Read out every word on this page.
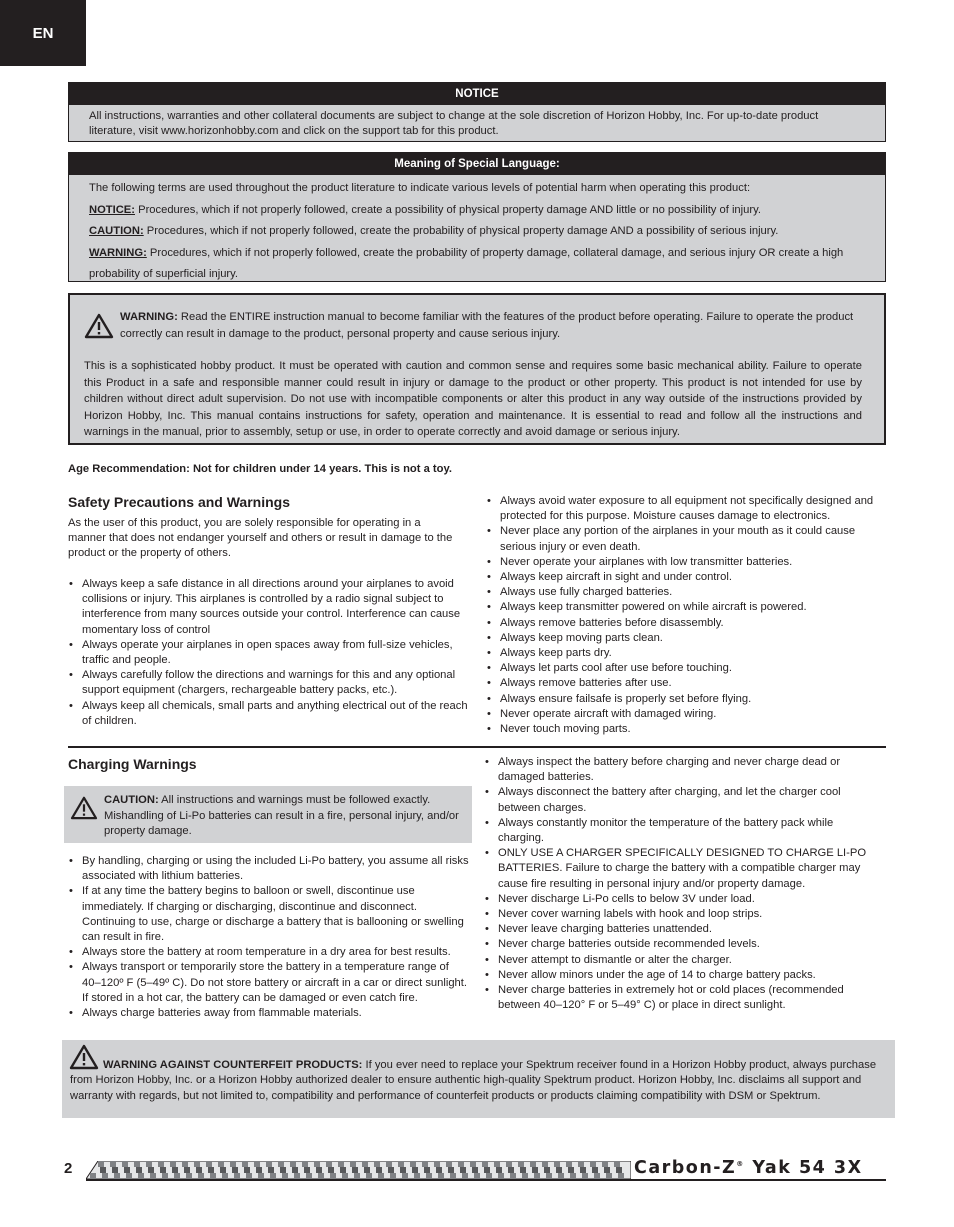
EN
NOTICE
All instructions, warranties and other collateral documents are subject to change at the sole discretion of Horizon Hobby, Inc. For up-to-date product literature, visit www.horizonhobby.com and click on the support tab for this product.
Meaning of Special Language:
The following terms are used throughout the product literature to indicate various levels of potential harm when operating this product:
NOTICE: Procedures, which if not properly followed, create a possibility of physical property damage AND little or no possibility of injury.
CAUTION: Procedures, which if not properly followed, create the probability of physical property damage AND a possibility of serious injury.
WARNING: Procedures, which if not properly followed, create the probability of property damage, collateral damage, and serious injury OR create a high probability of superficial injury.
WARNING: Read the ENTIRE instruction manual to become familiar with the features of the product before operating. Failure to operate the product correctly can result in damage to the product, personal property and cause serious injury.
This is a sophisticated hobby product. It must be operated with caution and common sense and requires some basic mechanical ability. Failure to operate this Product in a safe and responsible manner could result in injury or damage to the product or other property. This product is not intended for use by children without direct adult supervision. Do not use with incompatible components or alter this product in any way outside of the instructions provided by Horizon Hobby, Inc. This manual contains instructions for safety, operation and maintenance. It is essential to read and follow all the instructions and warnings in the manual, prior to assembly, setup or use, in order to operate correctly and avoid damage or serious injury.
Age Recommendation: Not for children under 14 years. This is not a toy.
Safety Precautions and Warnings
As the user of this product, you are solely responsible for operating in a manner that does not endanger yourself and others or result in damage to the product or the property of others.
• Always keep a safe distance in all directions around your airplanes to avoid collisions or injury. This airplanes is controlled by a radio signal subject to interference from many sources outside your control. Interference can cause momentary loss of control
• Always operate your airplanes in open spaces away from full-size vehicles, traffic and people.
• Always carefully follow the directions and warnings for this and any optional support equipment (chargers, rechargeable battery packs, etc.).
• Always keep all chemicals, small parts and anything electrical out of the reach of children.
• Always avoid water exposure to all equipment not specifically designed and protected for this purpose. Moisture causes damage to electronics.
• Never place any portion of the airplanes in your mouth as it could cause serious injury or even death.
• Never operate your airplanes with low transmitter batteries.
• Always keep aircraft in sight and under control.
• Always use fully charged batteries.
• Always keep transmitter powered on while aircraft is powered.
• Always remove batteries before disassembly.
• Always keep moving parts clean.
• Always keep parts dry.
• Always let parts cool after use before touching.
• Always remove batteries after use.
• Always ensure failsafe is properly set before flying.
• Never operate aircraft with damaged wiring.
• Never touch moving parts.
Charging Warnings
CAUTION: All instructions and warnings must be followed exactly. Mishandling of Li-Po batteries can result in a fire, personal injury, and/or property damage.
• By handling, charging or using the included Li-Po battery, you assume all risks associated with lithium batteries.
• If at any time the battery begins to balloon or swell, discontinue use immediately. If charging or discharging, discontinue and disconnect. Continuing to use, charge or discharge a battery that is ballooning or swelling can result in fire.
• Always store the battery at room temperature in a dry area for best results.
• Always transport or temporarily store the battery in a temperature range of 40–120º F (5–49º C). Do not store battery or aircraft in a car or direct sunlight. If stored in a hot car, the battery can be damaged or even catch fire.
• Always charge batteries away from flammable materials.
• Always inspect the battery before charging and never charge dead or damaged batteries.
• Always disconnect the battery after charging, and let the charger cool between charges.
• Always constantly monitor the temperature of the battery pack while charging.
• ONLY USE A CHARGER SPECIFICALLY DESIGNED TO CHARGE LI-PO BATTERIES. Failure to charge the battery with a compatible charger may cause fire resulting in personal injury and/or property damage.
• Never discharge Li-Po cells to below 3V under load.
• Never cover warning labels with hook and loop strips.
• Never leave charging batteries unattended.
• Never charge batteries outside recommended levels.
• Never attempt to dismantle or alter the charger.
• Never allow minors under the age of 14 to charge battery packs.
• Never charge batteries in extremely hot or cold places (recommended between 40–120° F or 5–49° C) or place in direct sunlight.
WARNING AGAINST COUNTERFEIT PRODUCTS: If you ever need to replace your Spektrum receiver found in a Horizon Hobby product, always purchase from Horizon Hobby, Inc. or a Horizon Hobby authorized dealer to ensure authentic high-quality Spektrum product. Horizon Hobby, Inc. disclaims all support and warranty with regards, but not limited to, compatibility and performance of counterfeit products or products claiming compatibility with DSM or Spektrum.
2	Carbon-Z® Yak 54 3X
